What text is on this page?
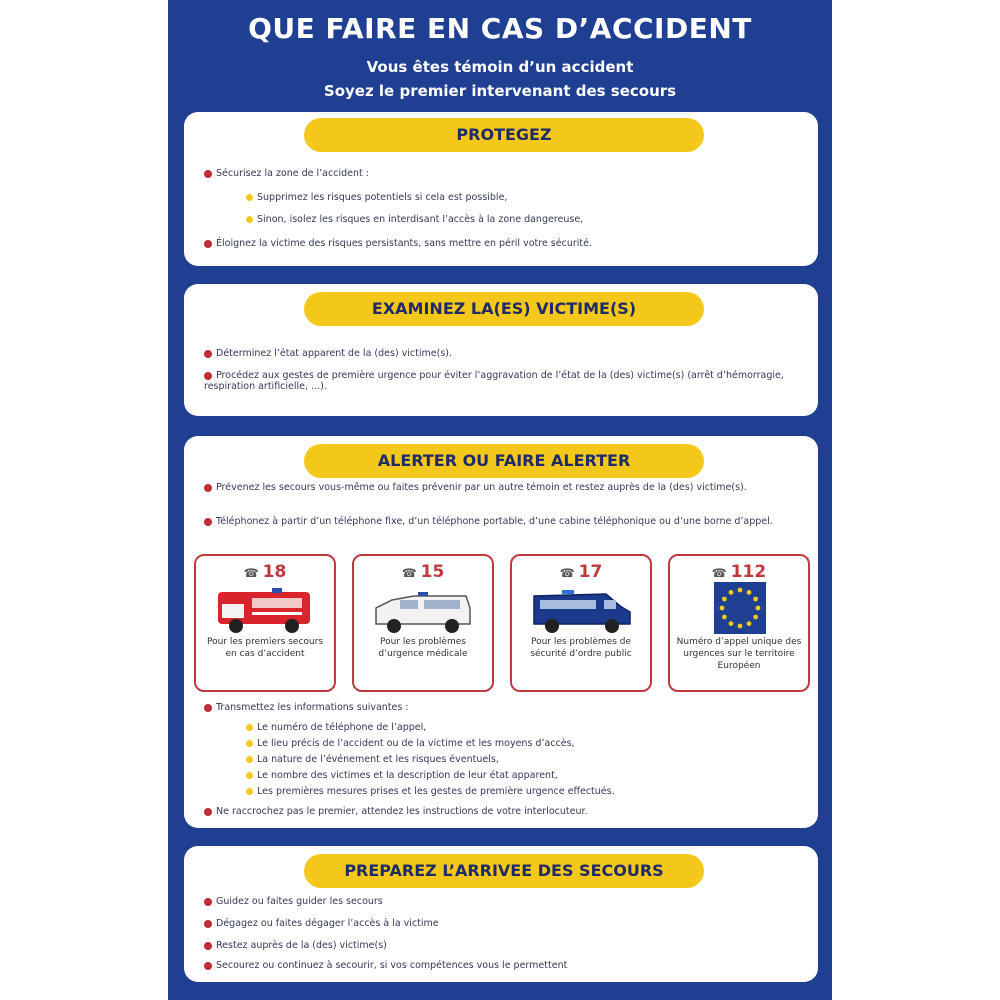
QUE FAIRE EN CAS D’ACCIDENT
Vous êtes témoin d’un accident
Soyez le premier intervenant des secours
PROTEGEZ
Sécurisez la zone de l’accident :
Supprimez les risques potentiels si cela est possible,
Sinon, isolez les risques en interdisant l’accès à la zone dangereuse,
Éloignez la victime des risques persistants, sans mettre en péril votre sécurité.
EXAMINEZ LA(ES) VICTIME(S)
Déterminez l’état apparent de la (des) victime(s).
Procédez aux gestes de première urgence pour éviter l’aggravation de l’état de la (des) victime(s) (arrêt d’hémorragie, respiration artificielle, ...).
ALERTER OU FAIRE ALERTER
Prévenez les secours vous-même ou faites prévenir par un autre témoin et restez auprès de la (des) victime(s).
Téléphonez à partir d’un téléphone fixe, d’un téléphone portable, d’une cabine téléphonique ou d’une borne d’appel.
☎ 18
Pour les premiers secours en cas d’accident
☎ 15
Pour les problèmes d’urgence médicale
☎ 17
Pour les problèmes de sécurité d’ordre public
☎ 112
Numéro d’appel unique des urgences sur le territoire Européen
Transmettez les informations suivantes :
Le numéro de téléphone de l’appel,
Le lieu précis de l’accident ou de la victime et les moyens d’accès,
La nature de l’événement et les risques éventuels,
Le nombre des victimes et la description de leur état apparent,
Les premières mesures prises et les gestes de première urgence effectués.
Ne raccrochez pas le premier, attendez les instructions de votre interlocuteur.
PREPAREZ L’ARRIVEE DES SECOURS
Guidez ou faites guider les secours
Dégagez ou faites dégager l’accès à la victime
Restez auprès de la (des) victime(s)
Secourez ou continuez à secourir, si vos compétences vous le permettent
